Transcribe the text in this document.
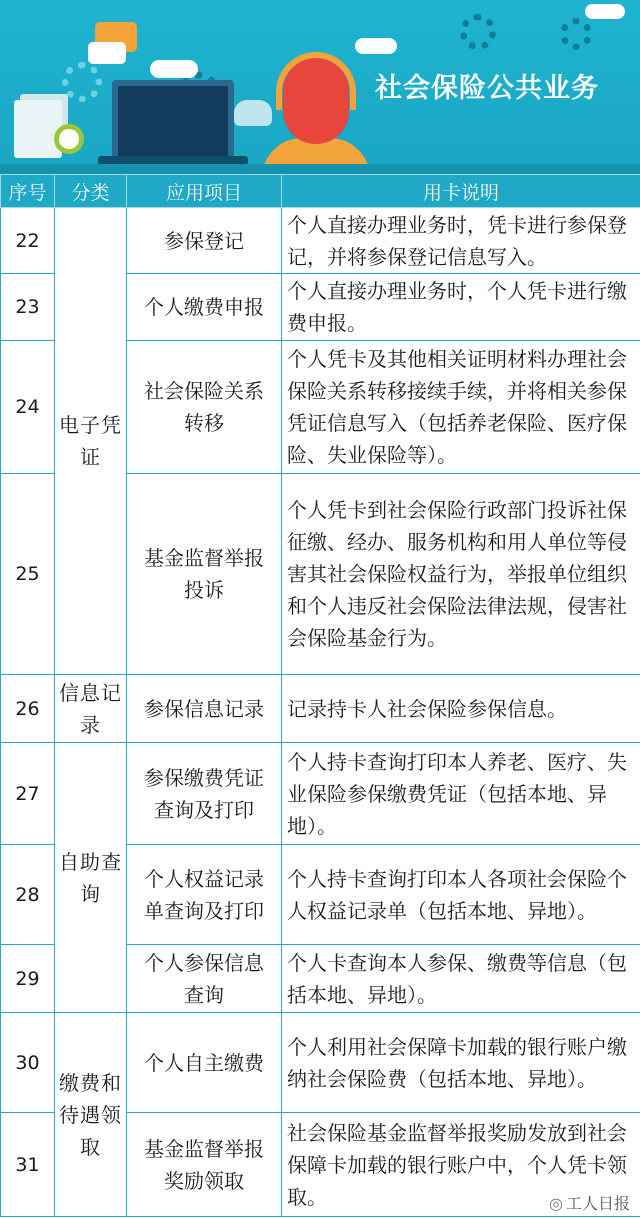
社会保险公共业务
序号	分类	应用项目	用卡说明
22	电子凭证	参保登记	个人直接办理业务时，凭卡进行参保登记，并将参保登记信息写入。
23		个人缴费申报	个人直接办理业务时，个人凭卡进行缴费申报。
24		社会保险关系转移	个人凭卡及其他相关证明材料办理社会保险关系转移接续手续，并将相关参保凭证信息写入（包括养老保险、医疗保险、失业保险等）。
25		基金监督举报投诉	个人凭卡到社会保险行政部门投诉社保征缴、经办、服务机构和用人单位等侵害其社会保险权益行为，举报单位组织和个人违反社会保险法律法规，侵害社会保险基金行为。
26	信息记录	参保信息记录	记录持卡人社会保险参保信息。
27	自助查询	参保缴费凭证查询及打印	个人持卡查询打印本人养老、医疗、失业保险参保缴费凭证（包括本地、异地）。
28		个人权益记录单查询及打印	个人持卡查询打印本人各项社会保险个人权益记录单（包括本地、异地）。
29		个人参保信息查询	个人卡查询本人参保、缴费等信息（包括本地、异地）。
30	缴费和待遇领取	个人自主缴费	个人利用社会保障卡加载的银行账户缴纳社会保险费（包括本地、异地）。
31		基金监督举报奖励领取	社会保险基金监督举报奖励发放到社会保障卡加载的银行账户中，个人凭卡领取。	◎ 工人日报
